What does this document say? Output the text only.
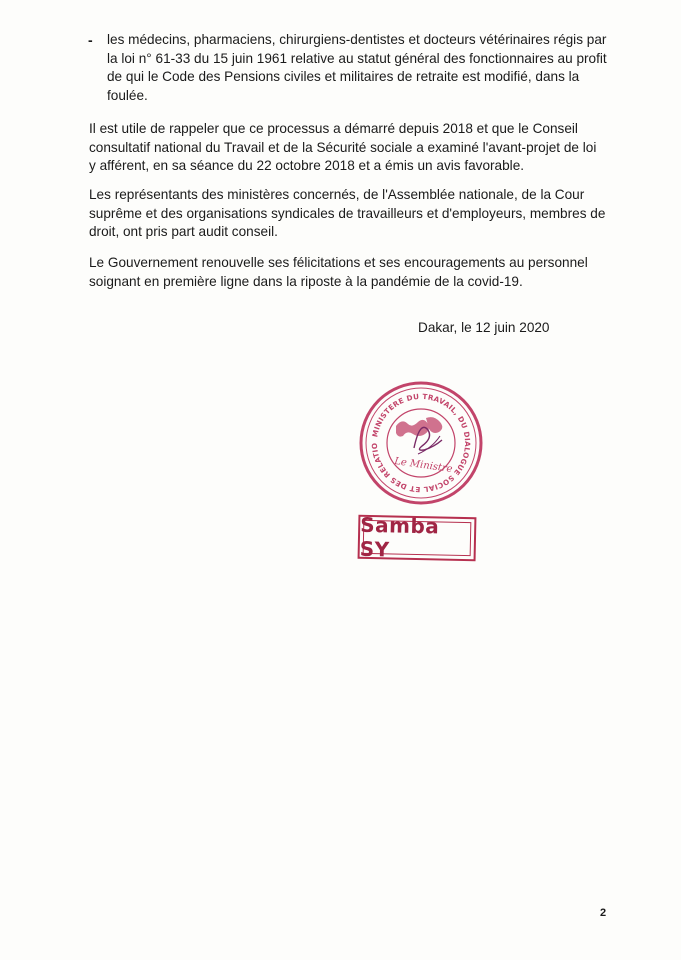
- les médecins, pharmaciens, chirurgiens-dentistes et docteurs vétérinaires régis par
la loi n° 61-33 du 15 juin 1961 relative au statut général des fonctionnaires au profit
de qui le Code des Pensions civiles et militaires de retraite est modifié, dans la
foulée.
Il est utile de rappeler que ce processus a démarré depuis 2018 et que le Conseil
consultatif national du Travail et de la Sécurité sociale a examiné l'avant-projet de loi
y afférent, en sa séance du 22 octobre 2018 et a émis un avis favorable.
Les représentants des ministères concernés, de l'Assemblée nationale, de la Cour
suprême et des organisations syndicales de travailleurs et d'employeurs, membres de
droit, ont pris part audit conseil.
Le Gouvernement renouvelle ses félicitations et ses encouragements au personnel
soignant en première ligne dans la riposte à la pandémie de la covid-19.
Dakar, le 12 juin 2020
MINISTERE DU TRAVAIL, DU DIALOGUE SOCIAL ET DES RELATIO
Le Ministre
Samba SY
2
